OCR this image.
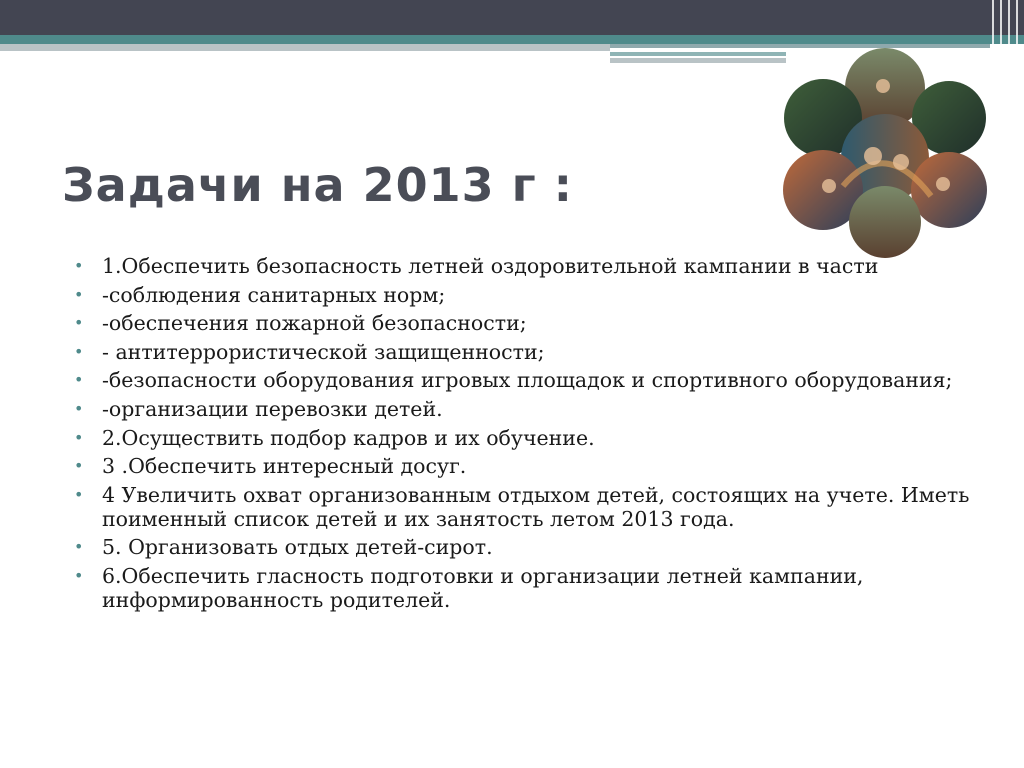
Задачи на 2013 г :
• 1.Обеспечить безопасность летней оздоровительной кампании в части
• -соблюдения санитарных норм;
• -обеспечения пожарной безопасности;
• - антитеррористической защищенности;
• -безопасности оборудования игровых площадок и спортивного оборудования;
• -организации перевозки детей.
• 2.Осуществить подбор кадров и их обучение.
• 3 .Обеспечить интересный досуг.
• 4 Увеличить охват организованным отдыхом детей, состоящих на учете. Иметь поименный список детей и их занятость летом 2013 года.
• 5. Организовать отдых детей-сирот.
• 6.Обеспечить гласность подготовки и организации летней кампании, информированность родителей.
